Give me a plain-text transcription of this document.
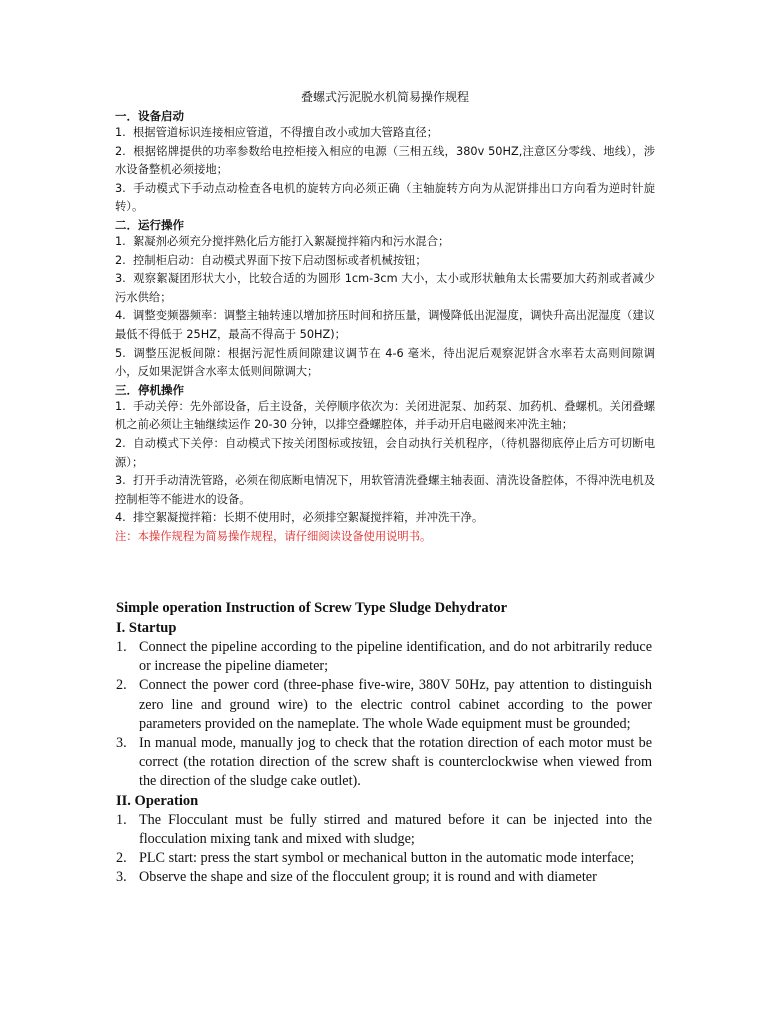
叠螺式污泥脱水机简易操作规程
一．设备启动
1. 根据管道标识连接相应管道，不得擅自改小或加大管路直径；
2. 根据铭牌提供的功率参数给电控柜接入相应的电源（三相五线，380v 50HZ,注意区分零线、地线），涉水设备整机必须接地；
3. 手动模式下手动点动检查各电机的旋转方向必须正确（主轴旋转方向为从泥饼排出口方向看为逆时针旋转）。
二．运行操作
1. 絮凝剂必须充分搅拌熟化后方能打入絮凝搅拌箱内和污水混合；
2. 控制柜启动：自动模式界面下按下启动图标或者机械按钮；
3. 观察絮凝团形状大小，比较合适的为圆形 1cm-3cm 大小，太小或形状触角太长需要加大药剂或者减少污水供给；
4. 调整变频器频率：调整主轴转速以增加挤压时间和挤压量，调慢降低出泥湿度，调快升高出泥湿度（建议最低不得低于 25HZ，最高不得高于 50HZ)；
5. 调整压泥板间隙：根据污泥性质间隙建议调节在 4-6 毫米，待出泥后观察泥饼含水率若太高则间隙调小，反如果泥饼含水率太低则间隙调大；
三．停机操作
1. 手动关停：先外部设备，后主设备，关停顺序依次为：关闭进泥泵、加药泵、加药机、叠螺机。关闭叠螺机之前必须让主轴继续运作 20-30 分钟，以排空叠螺腔体，并手动开启电磁阀来冲洗主轴；
2. 自动模式下关停：自动模式下按关闭图标或按钮，会自动执行关机程序，（待机器彻底停止后方可切断电源）；
3. 打开手动清洗管路，必须在彻底断电情况下，用软管清洗叠螺主轴表面、清洗设备腔体，不得冲洗电机及控制柜等不能进水的设备。
4. 排空絮凝搅拌箱：长期不使用时，必须排空絮凝搅拌箱，并冲洗干净。
注：本操作规程为简易操作规程，请仔细阅读设备使用说明书。
Simple operation Instruction of Screw Type Sludge Dehydrator
I. Startup
1. Connect the pipeline according to the pipeline identification, and do not arbitrarily reduce or increase the pipeline diameter;
2. Connect the power cord (three-phase five-wire, 380V 50Hz, pay attention to distinguish zero line and ground wire) to the electric control cabinet according to the power parameters provided on the nameplate. The whole Wade equipment must be grounded;
3. In manual mode, manually jog to check that the rotation direction of each motor must be correct (the rotation direction of the screw shaft is counterclockwise when viewed from the direction of the sludge cake outlet).
II. Operation
1. The Flocculant must be fully stirred and matured before it can be injected into the flocculation mixing tank and mixed with sludge;
2. PLC start: press the start symbol or mechanical button in the automatic mode interface;
3. Observe the shape and size of the flocculent group; it is round and with diameter
